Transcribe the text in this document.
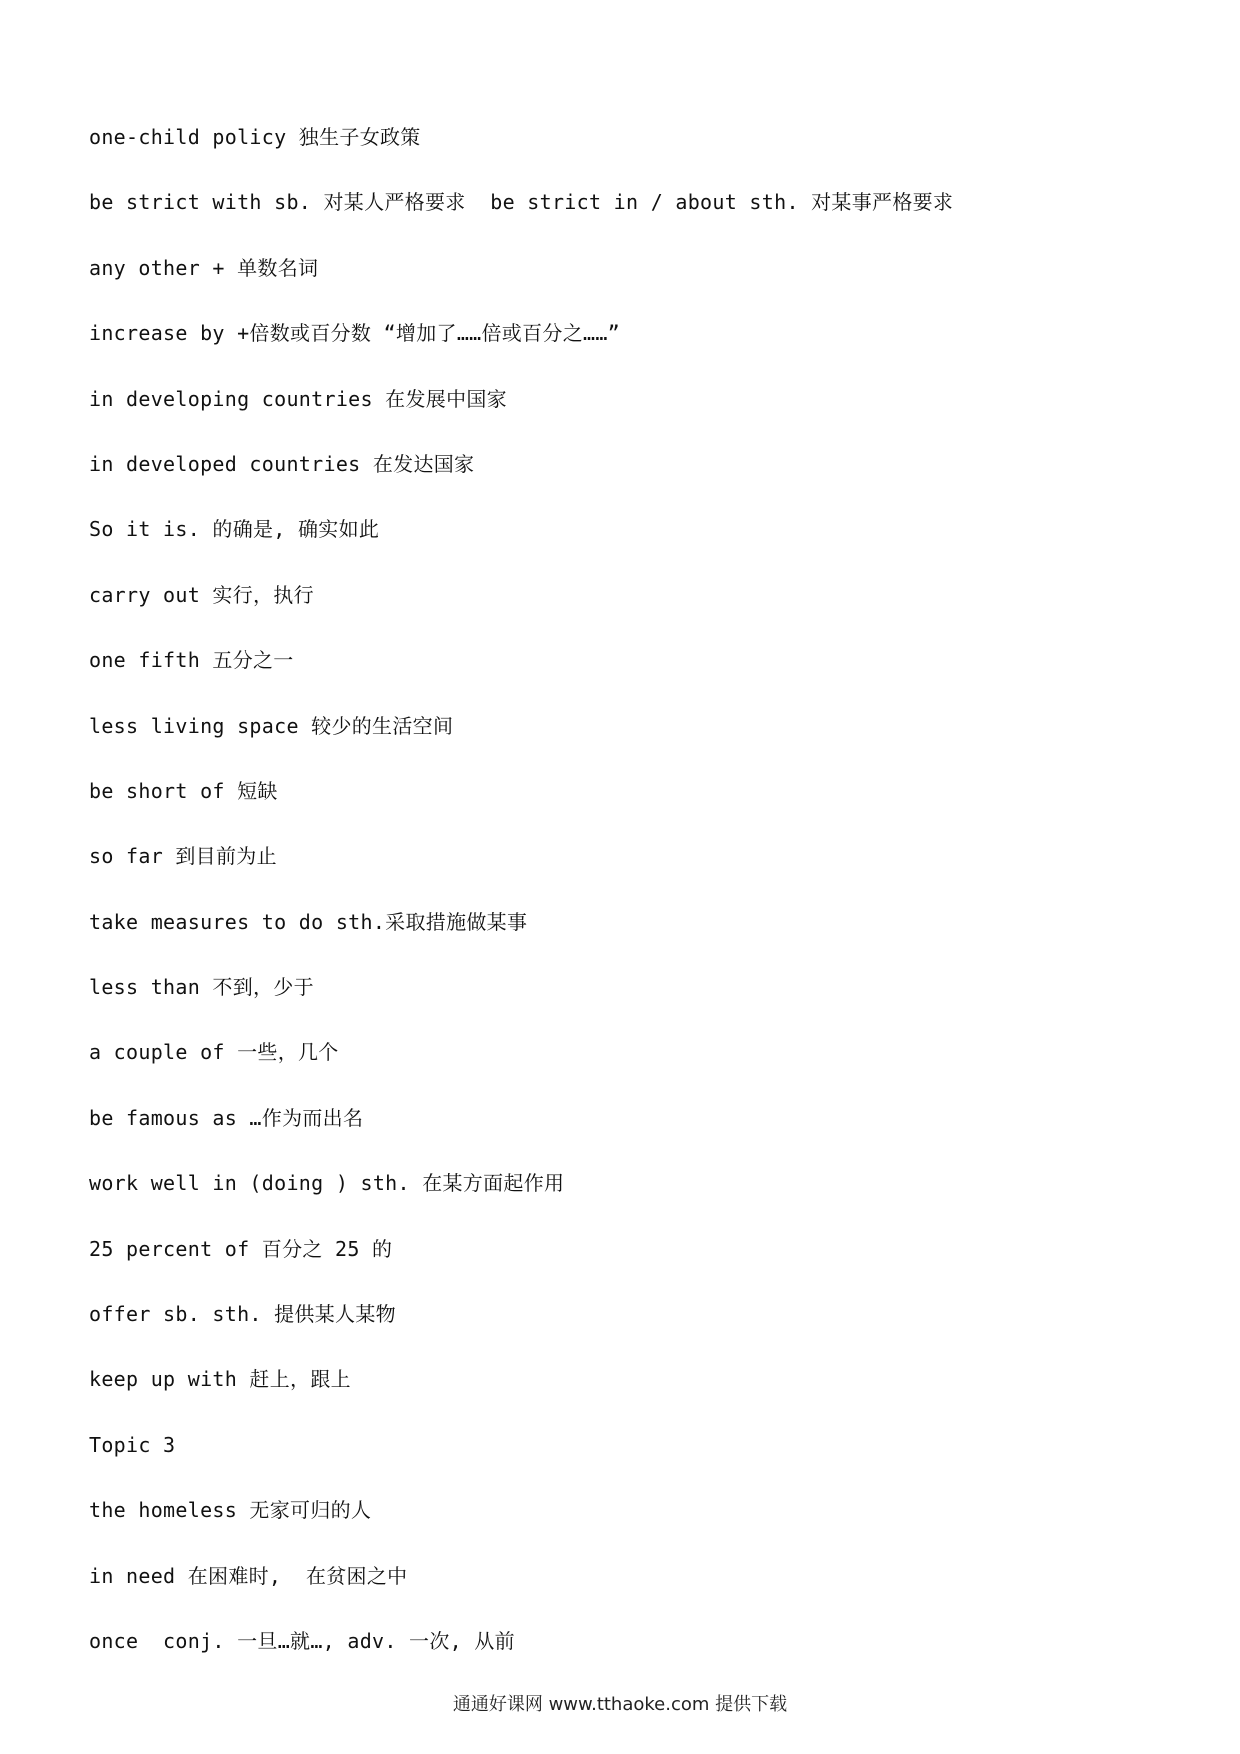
one-child policy 独生子女政策
be strict with sb. 对某人严格要求  be strict in / about sth. 对某事严格要求
any other + 单数名词
increase by +倍数或百分数 “增加了……倍或百分之……”
in developing countries 在发展中国家
in developed countries 在发达国家
So it is. 的确是, 确实如此
carry out 实行，执行
one fifth 五分之一
less living space 较少的生活空间
be short of 短缺
so far 到目前为止
take measures to do sth.采取措施做某事
less than 不到，少于
a couple of 一些，几个
be famous as …作为而出名
work well in (doing ) sth. 在某方面起作用
25 percent of 百分之 25 的
offer sb. sth. 提供某人某物
keep up with 赶上，跟上
Topic 3
the homeless 无家可归的人
in need 在困难时,  在贫困之中
once  conj. 一旦…就…, adv. 一次, 从前
通通好课网 www.tthaoke.com 提供下载
